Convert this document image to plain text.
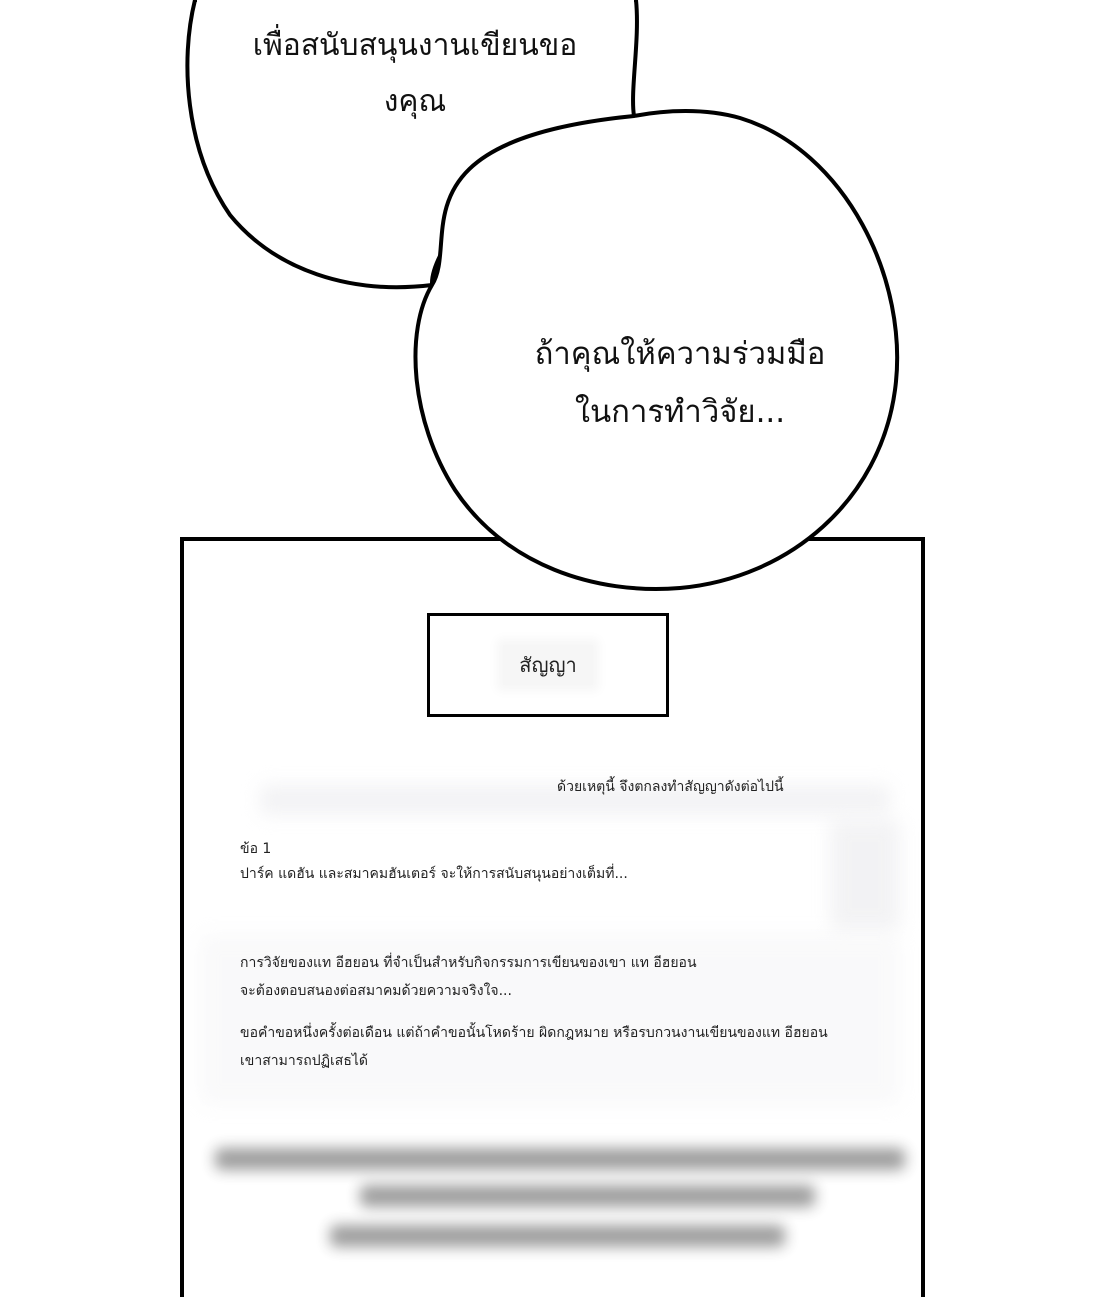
เพื่อสนับสนุนงานเขียนขอ
งคุณ
สัญญา
ด้วยเหตุนี้ จึงตกลงทำสัญญาดังต่อไปนี้
ข้อ 1
ปาร์ค แดฮัน และสมาคมฮันเตอร์ จะให้การสนับสนุนอย่างเต็มที่...
การวิจัยของแท อีฮยอน ที่จำเป็นสำหรับกิจกรรมการเขียนของเขา แท อีฮยอน
จะต้องตอบสนองต่อสมาคมด้วยความจริงใจ...
ขอคำขอหนึ่งครั้งต่อเดือน แต่ถ้าคำขอนั้นโหดร้าย ผิดกฎหมาย หรือรบกวนงานเขียนของแท อีฮยอน
เขาสามารถปฏิเสธได้
ถ้าคุณให้ความร่วมมือ
ในการทำวิจัย...
